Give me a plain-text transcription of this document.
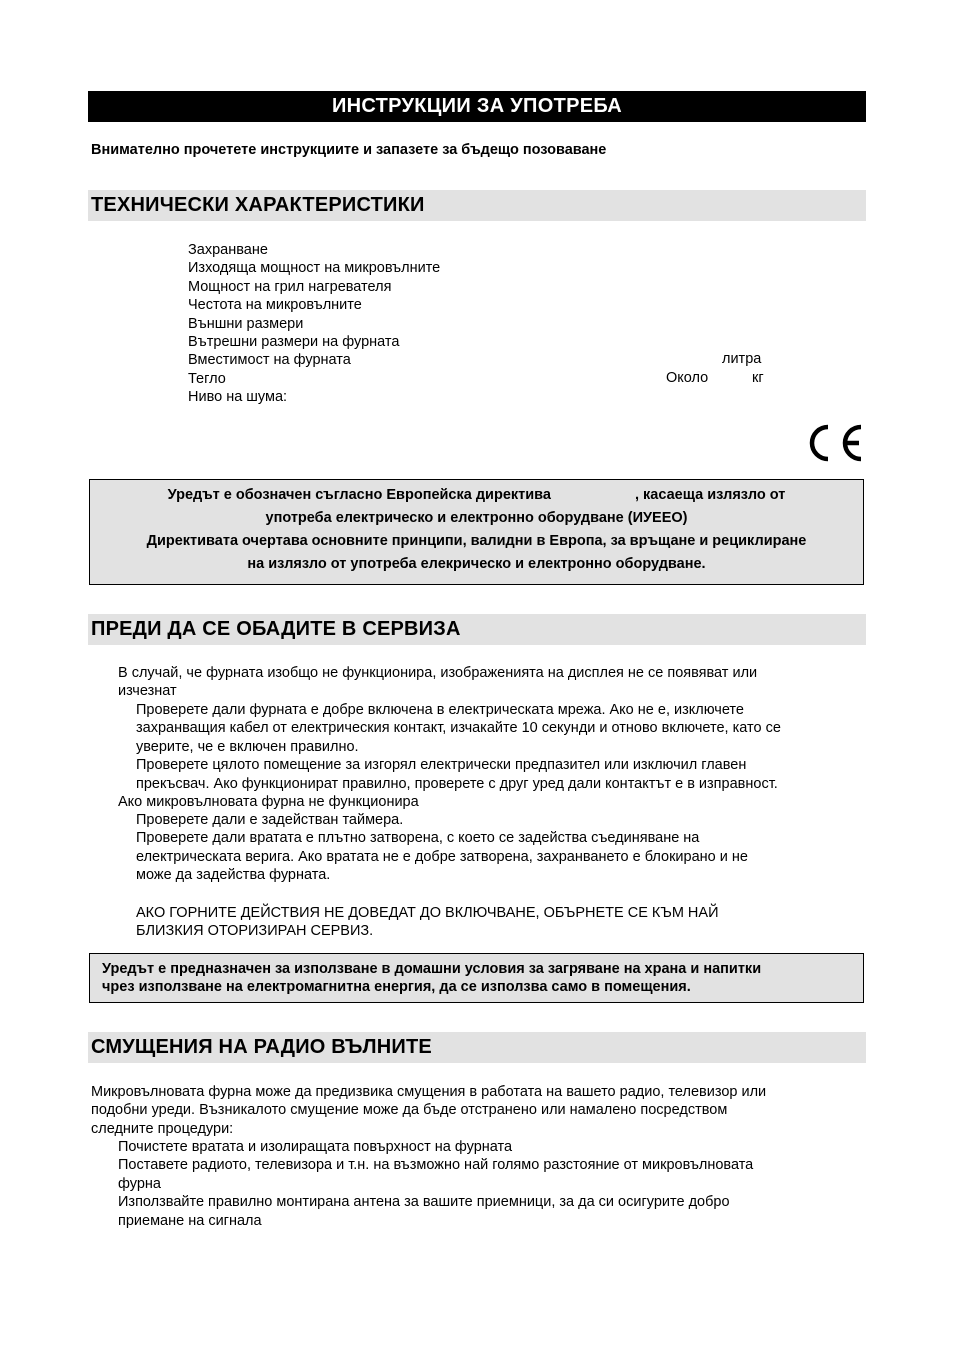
ИНСТРУКЦИИ ЗА УПОТРЕБА
Внимателно прочетете инструкциите и запазете за бъдещо позоваване
ТЕХНИЧЕСКИ ХАРАКТЕРИСТИКИ
Захранване
Изходяща мощност на микровълните
Мощност на грил нагревателя
Честота на микровълните
Външни размери
Вътрешни размери на фурната
Вместимост на фурната
Тегло
Ниво на шума:
литра
Около	кг
Уредът е обозначен съгласно Европейска директива	, касаеща излязло от
употреба електрическо и електронно оборудване (ИУЕЕО)
Директивата очертава основните принципи, валидни в Европа, за връщане и рециклиране
на излязло от употреба елекрическо и електронно оборудване.
ПРЕДИ ДА СЕ ОБАДИТЕ В СЕРВИЗА
В случай, че фурната изобщо не функционира, изображенията на дисплея не се появяват или
изчезнат
Проверете дали фурната е добре включена в електрическата мрежа. Ако не е, изключете
захранващия кабел от електрическия контакт, изчакайте 10 секунди и отново включете, като се
уверите, че е включен правилно.
Проверете цялото помещение за изгорял електрически предпазител или изключил главен
прекъсвач. Ако функционират правилно, проверете с друг уред дали контактът е в изправност.
Ако микровълновата фурна не функционира
Проверете дали е задействан таймера.
Проверете дали вратата е плътно затворена, с което се задейства съединяване на
електрическата верига. Ако вратата не е добре затворена, захранването е блокирано и не
може да задейства фурната.
АКО ГОРНИТЕ ДЕЙСТВИЯ НЕ ДОВЕДАТ ДО ВКЛЮЧВАНЕ, ОБЪРНЕТЕ СЕ КЪМ НАЙ
БЛИЗКИЯ ОТОРИЗИРАН СЕРВИЗ.
Уредът е предназначен за използване в домашни условия за загряване на храна и напитки
чрез използване на електромагнитна енергия, да се използва само в помещения.
СМУЩЕНИЯ НА РАДИО ВЪЛНИТЕ
Микровълновата фурна може да предизвика смущения в работата на вашето радио, телевизор или
подобни уреди. Възникалото смущение може да бъде отстранено или намалено посредством
следните процедури:
Почистете вратата и изолиращата повърхност на фурната
Поставете радиото, телевизора и т.н. на възможно най голямо разстояние от микровълновата
фурна
Използвайте правилно монтирана антена за вашите приемници, за да си осигурите добро
приемане на сигнала
